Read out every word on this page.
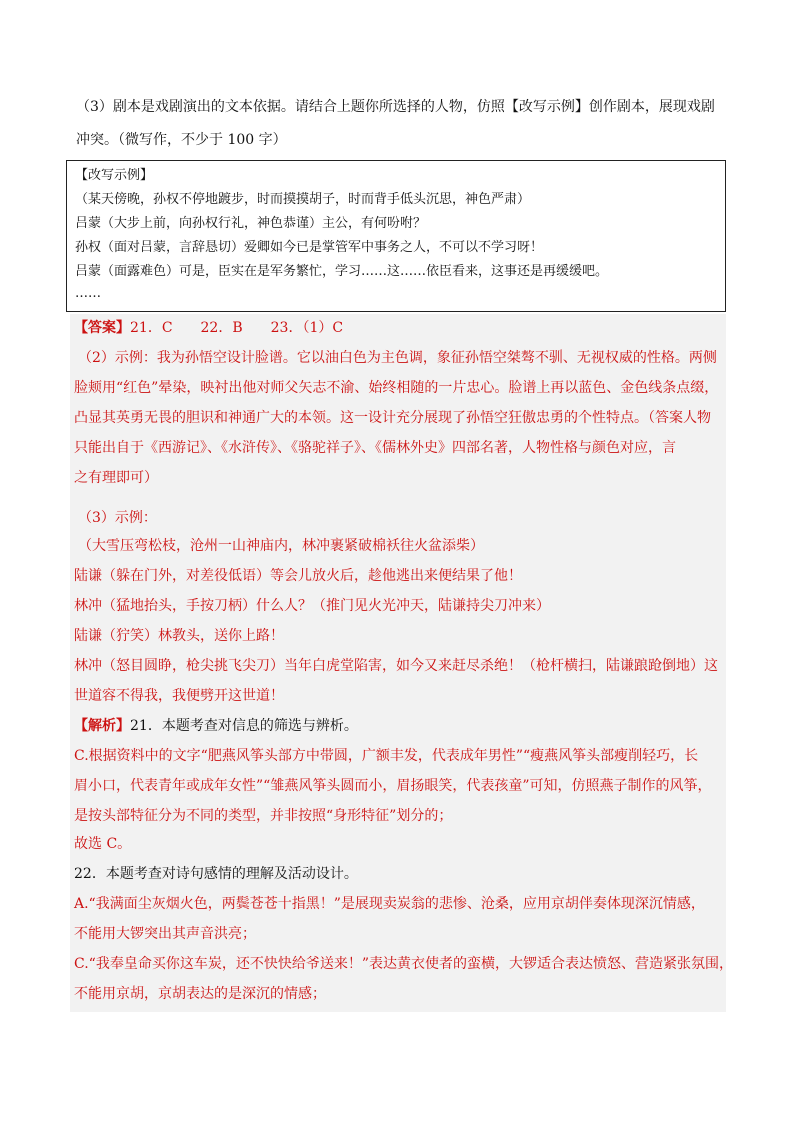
（3）剧本是戏剧演出的文本依据。请结合上题你所选择的人物，仿照【改写示例】创作剧本，展现戏剧
冲突。（微写作，不少于 100 字）
【改写示例】
（某天傍晚，孙权不停地踱步，时而摸摸胡子，时而背手低头沉思，神色严肃）
吕蒙（大步上前，向孙权行礼，神色恭谨）主公，有何吩咐？
孙权（面对吕蒙，言辞恳切）爱卿如今已是掌管军中事务之人，不可以不学习呀！
吕蒙（面露难色）可是，臣实在是军务繁忙，学习……这……依臣看来，这事还是再缓缓吧。
……
【答案】21．C　　22．B　　23．（1）C
（2）示例：我为孙悟空设计脸谱。它以油白色为主色调，象征孙悟空桀骜不驯、无视权威的性格。两侧
脸颊用“红色”晕染，映衬出他对师父矢志不渝、始终相随的一片忠心。脸谱上再以蓝色、金色线条点缀，
凸显其英勇无畏的胆识和神通广大的本领。这一设计充分展现了孙悟空狂傲忠勇的个性特点。（答案人物
只能出自于《西游记》、《水浒传》、《骆驼祥子》、《儒林外史》四部名著，人物性格与颜色对应，言
之有理即可）
（3）示例：
（大雪压弯松枝，沧州一山神庙内，林冲裹紧破棉袄往火盆添柴）
陆谦（躲在门外，对差役低语）等会儿放火后，趁他逃出来便结果了他！
林冲（猛地抬头，手按刀柄）什么人？（推门见火光冲天，陆谦持尖刀冲来）
陆谦（狞笑）林教头，送你上路！
林冲（怒目圆睁，枪尖挑飞尖刀）当年白虎堂陷害，如今又来赶尽杀绝！（枪杆横扫，陆谦踉跄倒地）这
世道容不得我，我便劈开这世道！
【解析】21．本题考查对信息的筛选与辨析。
C.根据资料中的文字“肥燕风筝头部方中带圆，广额丰发，代表成年男性”“瘦燕风筝头部瘦削轻巧，长
眉小口，代表青年或成年女性”“雏燕风筝头圆而小，眉扬眼笑，代表孩童”可知，仿照燕子制作的风筝，
是按头部特征分为不同的类型，并非按照“身形特征”划分的；
故选 C。
22．本题考查对诗句感情的理解及活动设计。
A.“我满面尘灰烟火色，两鬓苍苍十指黑！”是展现卖炭翁的悲惨、沧桑，应用京胡伴奏体现深沉情感，
不能用大锣突出其声音洪亮；
C.“我奉皇命买你这车炭，还不快快给爷送来！”表达黄衣使者的蛮横，大锣适合表达愤怒、营造紧张氛围，
不能用京胡，京胡表达的是深沉的情感；
